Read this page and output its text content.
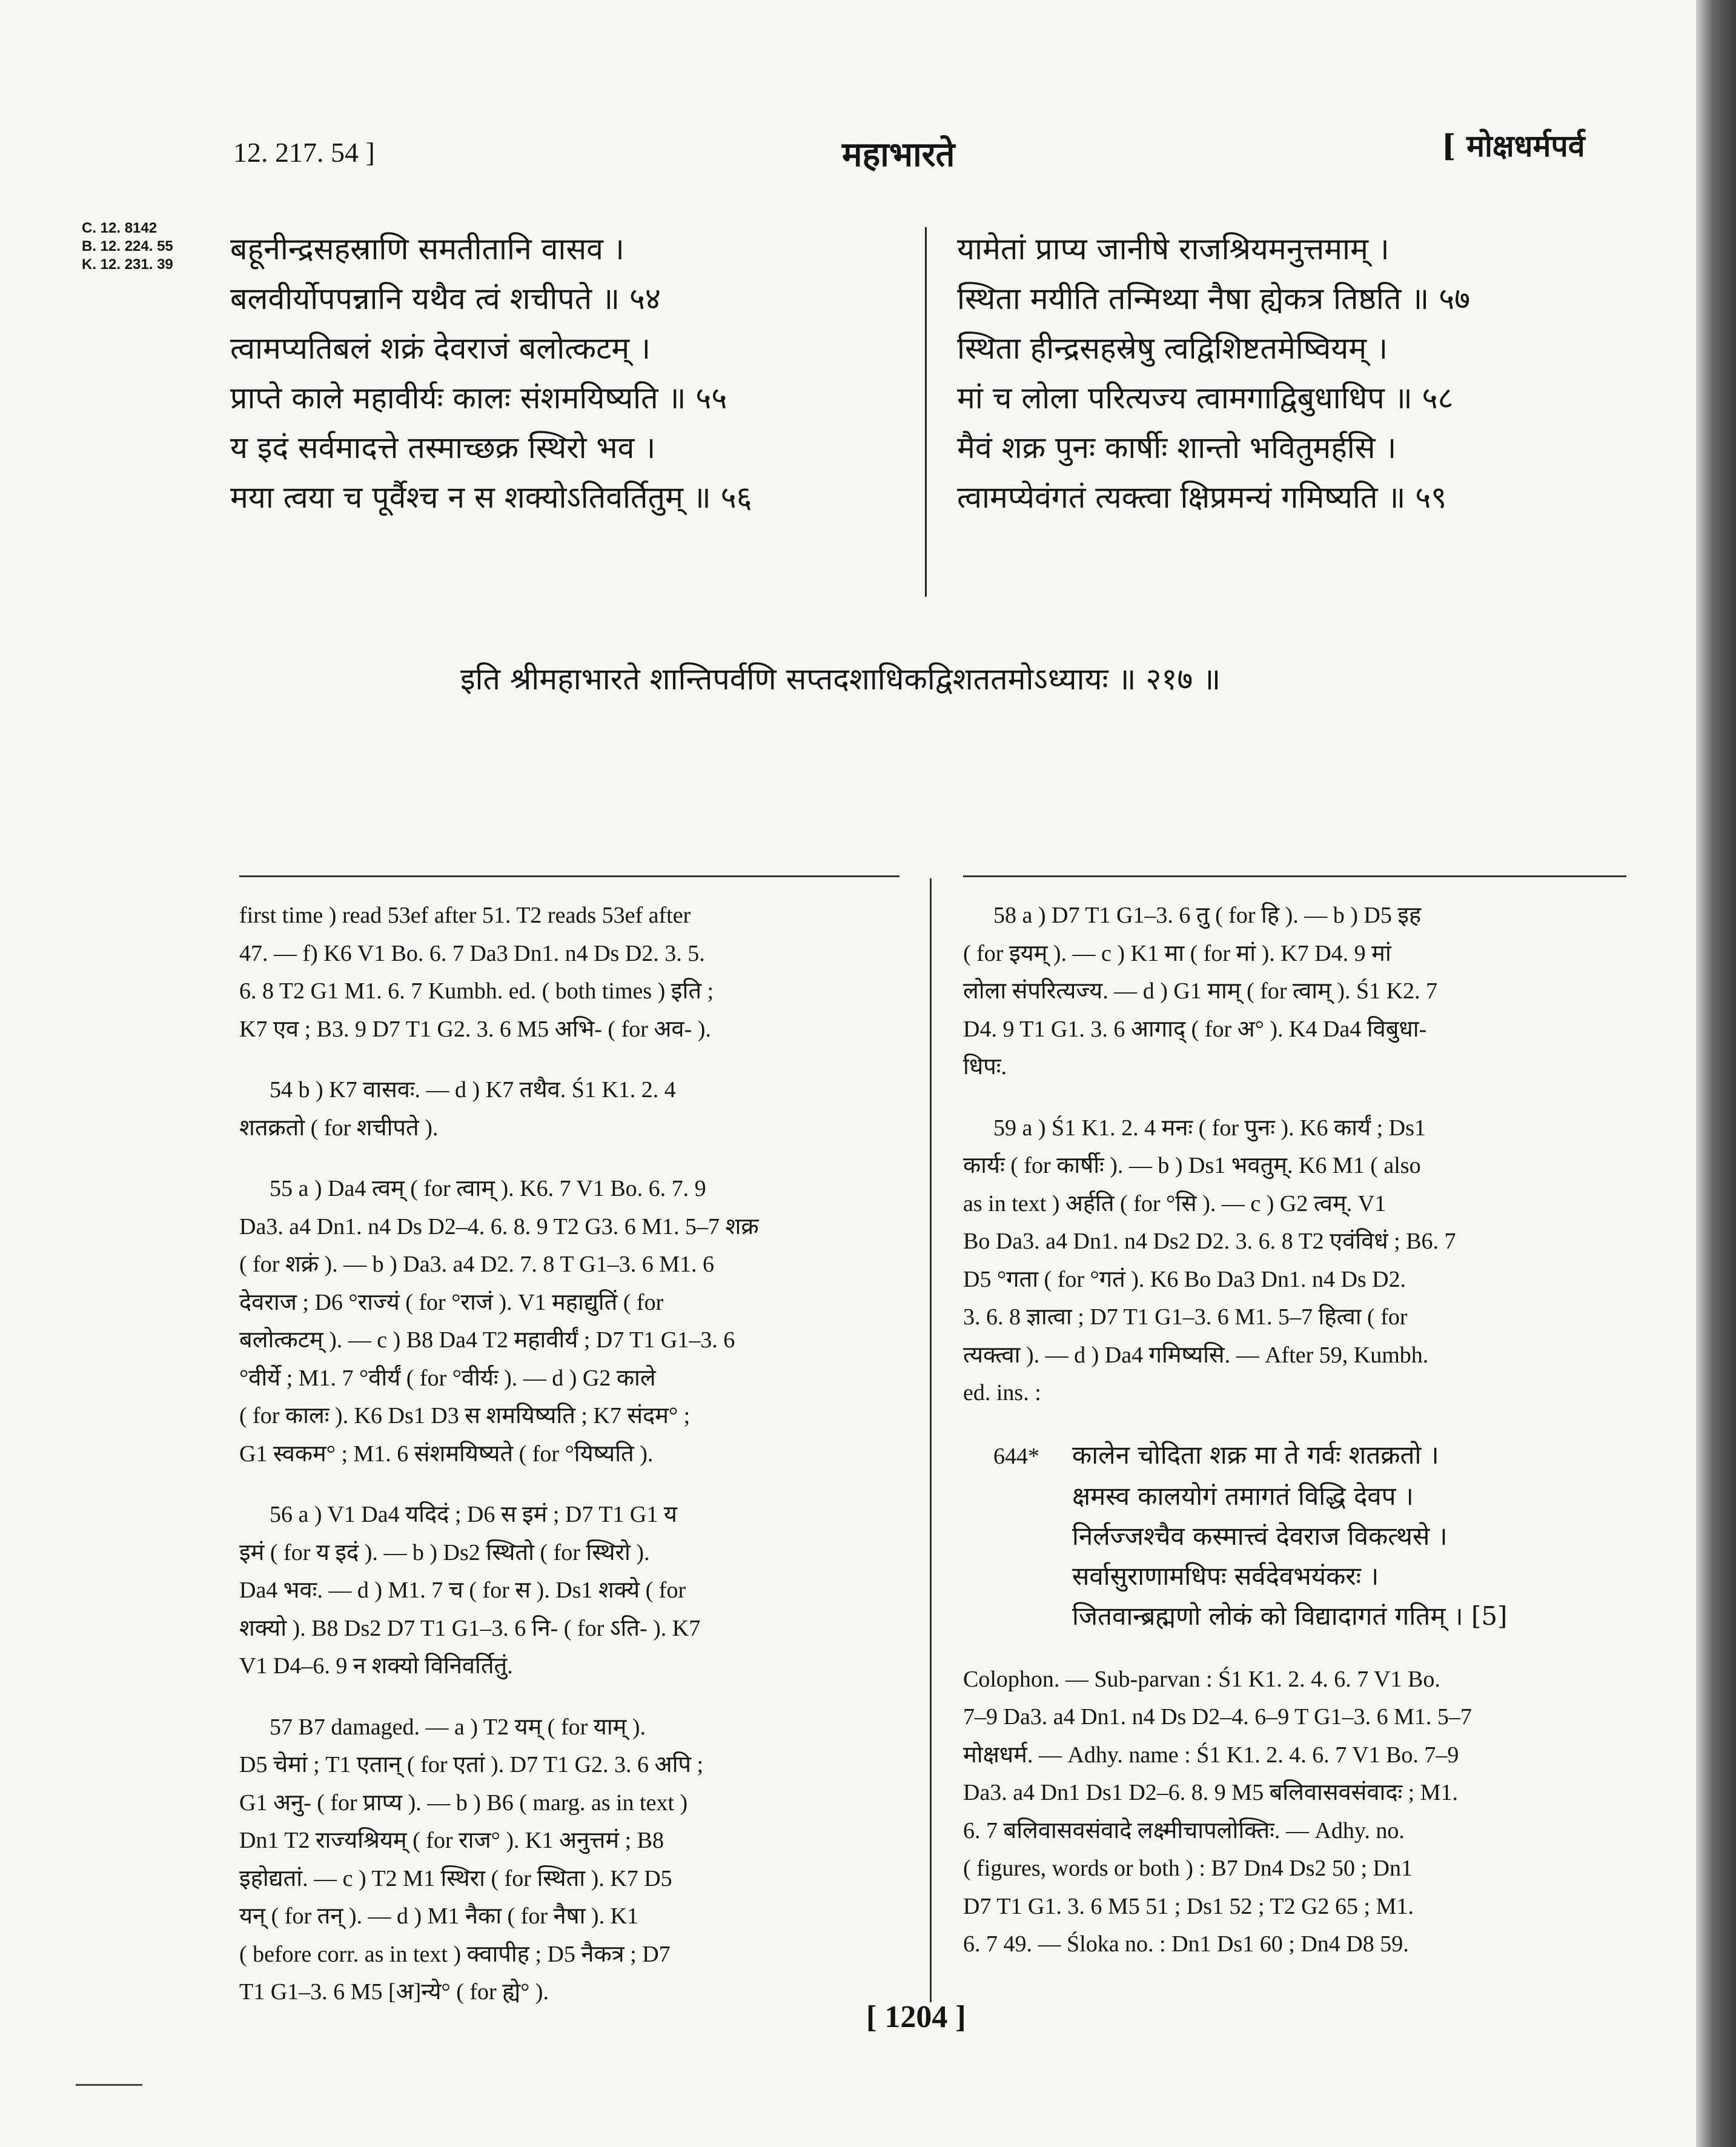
12. 217. 54 ]	महाभारते	[ मोक्षधर्मपर्व
C. 12. 8142
B. 12. 224. 55
K. 12. 231. 39 बहूनीन्द्रसहस्राणि समतीतानि वासव ।
बलवीर्योपपन्नानि यथैव त्वं शचीपते ॥ ५४
त्वामप्यतिबलं शक्रं देवराजं बलोत्कटम् ।
प्राप्ते काले महावीर्यः कालः संशमयिष्यति ॥ ५५
य इदं सर्वमादत्ते तस्माच्छक्र स्थिरो भव ।
मया त्वया च पूर्वैश्च न स शक्योऽतिवर्तितुम् ॥ ५६
यामेतां प्राप्य जानीषे राजश्रियमनुत्तमाम् ।
स्थिता मयीति तन्मिथ्या नैषा ह्येकत्र तिष्ठति ॥ ५७
स्थिता हीन्द्रसहस्रेषु त्वद्विशिष्टतमेष्वियम् ।
मां च लोला परित्यज्य त्वामगाद्विबुधाधिप ॥ ५८
मैवं शक्र पुनः कार्षीः शान्तो भवितुमर्हसि ।
त्वामप्येवंगतं त्यक्त्वा क्षिप्रमन्यं गमिष्यति ॥ ५९
इति श्रीमहाभारते शान्तिपर्वणि सप्तदशाधिकद्विशततमोऽध्यायः ॥ २१७ ॥

first time ) read 53ef after 51. T2 reads 53ef after
47. — f) K6 V1 Bo. 6. 7 Da3 Dn1. n4 Ds D2. 3. 5.
6. 8 T2 G1 M1. 6. 7 Kumbh. ed. ( both times ) इति ;
K7 एव ; B3. 9 D7 T1 G2. 3. 6 M5 अभि- ( for अव- ).

54 b ) K7 वासवः. — d ) K7 तथैव. Ś1 K1. 2. 4
शतक्रतो ( for शचीपते ).

55 a ) Da4 त्वम् ( for त्वाम् ). K6. 7 V1 Bo. 6. 7. 9
Da3. a4 Dn1. n4 Ds D2–4. 6. 8. 9 T2 G3. 6 M1. 5–7 शक्र
( for शक्रं ). — b ) Da3. a4 D2. 7. 8 T G1–3. 6 M1. 6
देवराज ; D6 °राज्यं ( for °राजं ). V1 महाद्युतिं ( for
बलोत्कटम् ). — c ) B8 Da4 T2 महावीर्यं ; D7 T1 G1–3. 6
°वीर्ये ; M1. 7 °वीर्यं ( for °वीर्यः ). — d ) G2 काले
( for कालः ). K6 Ds1 D3 स शमयिष्यति ; K7 संदम° ;
G1 स्वकम° ; M1. 6 संशमयिष्यते ( for °यिष्यति ).

56 a ) V1 Da4 यदिदं ; D6 स इमं ; D7 T1 G1 य
इमं ( for य इदं ). — b ) Ds2 स्थितो ( for स्थिरो ).
Da4 भवः. — d ) M1. 7 च ( for स ). Ds1 शक्ये ( for
शक्यो ). B8 Ds2 D7 T1 G1–3. 6 नि- ( for ऽति- ). K7
V1 D4–6. 9 न शक्यो विनिवर्तितुं.

57 B7 damaged. — a ) T2 यम् ( for याम् ).
D5 चेमां ; T1 एतान् ( for एतां ). D7 T1 G2. 3. 6 अपि ;
G1 अनु- ( for प्राप्य ). — b ) B6 ( marg. as in text )
Dn1 T2 राज्यश्रियम् ( for राज° ). K1 अनुत्तमं ; B8
इहोद्यतां. — c ) T2 M1 स्थिरा ( for स्थिता ). K7 D5
यन् ( for तन् ). — d ) M1 नैका ( for नैषा ). K1
( before corr. as in text ) क्वापीह ; D5 नैकत्र ; D7
T1 G1–3. 6 M5 [अ]न्ये° ( for ह्ये° ).

58 a ) D7 T1 G1–3. 6 तु ( for हि ). — b ) D5 इह
( for इयम् ). — c ) K1 मा ( for मां ). K7 D4. 9 मां
लोला संपरित्यज्य. — d ) G1 माम् ( for त्वाम् ). Ś1 K2. 7
D4. 9 T1 G1. 3. 6 आगाद् ( for अ° ). K4 Da4 विबुधा-
धिपः.

59 a ) Ś1 K1. 2. 4 मनः ( for पुनः ). K6 कार्यं ; Ds1
कार्यः ( for कार्षीः ). — b ) Ds1 भवतुम्. K6 M1 ( also
as in text ) अर्हति ( for °सि ). — c ) G2 त्वम्. V1
Bo Da3. a4 Dn1. n4 Ds2 D2. 3. 6. 8 T2 एवंविधं ; B6. 7
D5 °गता ( for °गतं ). K6 Bo Da3 Dn1. n4 Ds D2.
3. 6. 8 ज्ञात्वा ; D7 T1 G1–3. 6 M1. 5–7 हित्वा ( for
त्यक्त्वा ). — d ) Da4 गमिष्यसि. — After 59, Kumbh.
ed. ins. :

644* कालेन चोदिता शक्र मा ते गर्वः शतक्रतो ।
क्षमस्व कालयोगं तमागतं विद्धि देवप ।
निर्लज्जश्चैव कस्मात्त्वं देवराज विकत्थसे ।
सर्वासुराणामधिपः सर्वदेवभयंकरः ।
जितवान्ब्रह्मणो लोकं को विद्यादागतं गतिम् । [5]

Colophon. — Sub-parvan : Ś1 K1. 2. 4. 6. 7 V1 Bo.
7–9 Da3. a4 Dn1. n4 Ds D2–4. 6–9 T G1–3. 6 M1. 5–7
मोक्षधर्म. — Adhy. name : Ś1 K1. 2. 4. 6. 7 V1 Bo. 7–9
Da3. a4 Dn1 Ds1 D2–6. 8. 9 M5 बलिवासवसंवादः ; M1.
6. 7 बलिवासवसंवादे लक्ष्मीचापलोक्तिः. — Adhy. no.
( figures, words or both ) : B7 Dn4 Ds2 50 ; Dn1
D7 T1 G1. 3. 6 M5 51 ; Ds1 52 ; T2 G2 65 ; M1.
6. 7 49. — Śloka no. : Dn1 Ds1 60 ; Dn4 D8 59.

[ 1204 ]
